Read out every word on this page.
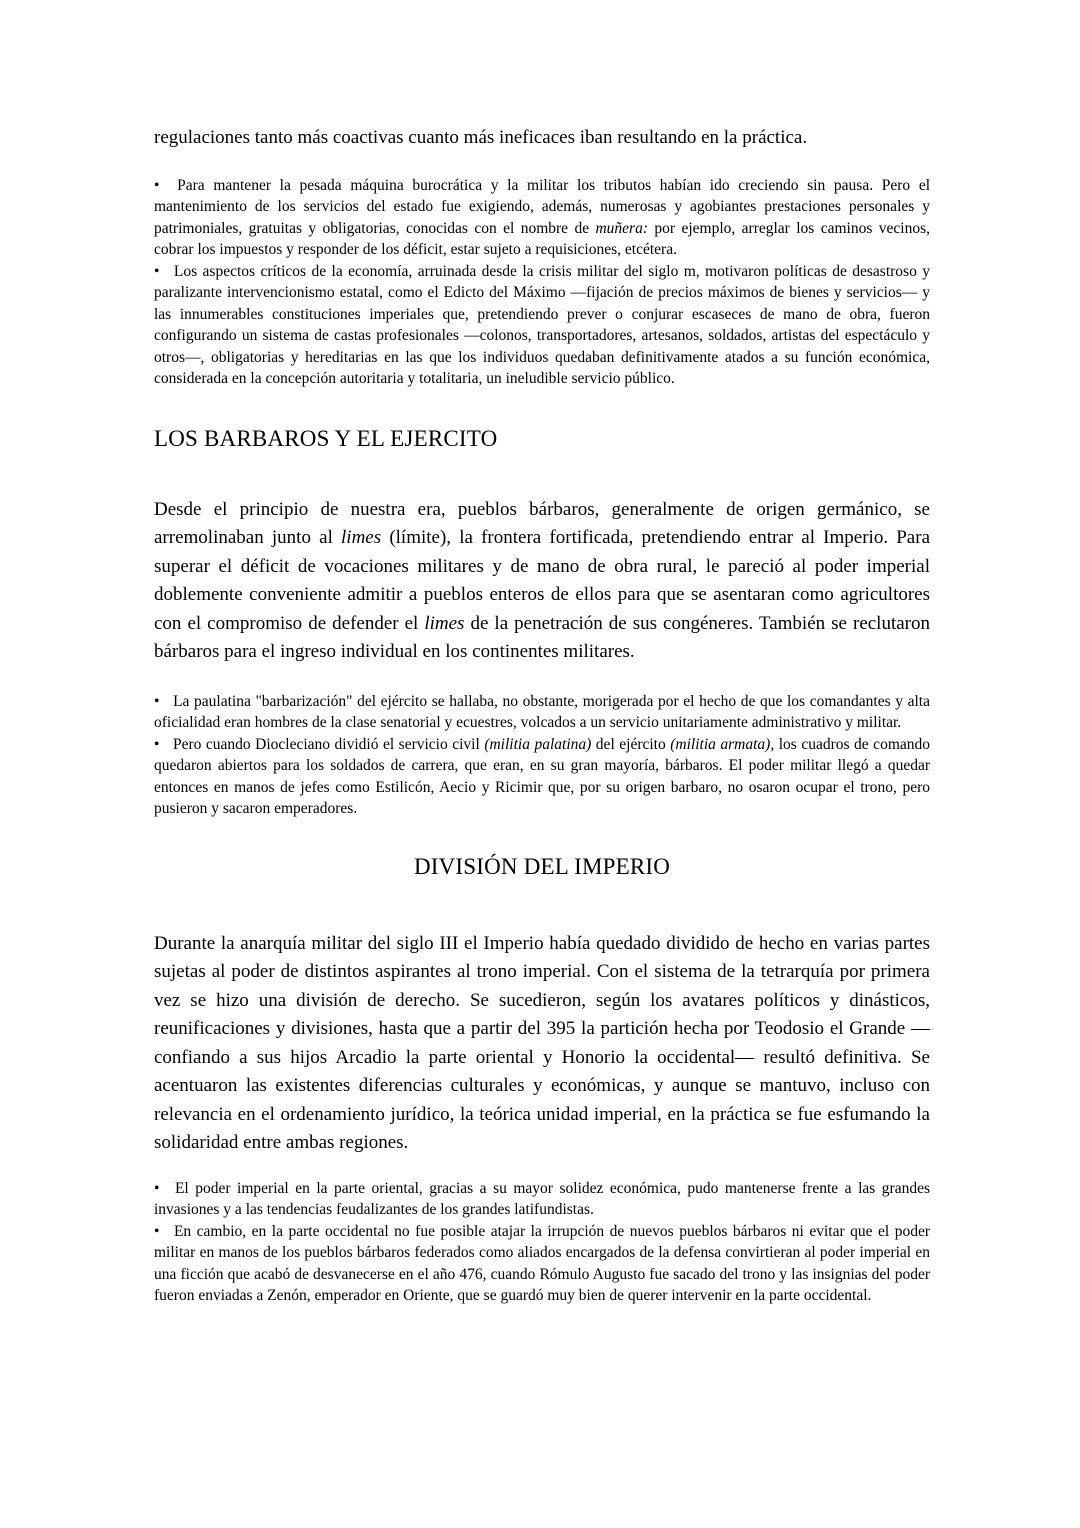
regulaciones tanto más coactivas cuanto más ineficaces iban resultando en la práctica.

• Para mantener la pesada máquina burocrática y la militar los tributos habían ido creciendo sin pausa. Pero el mantenimiento de los servicios del estado fue exigiendo, además, numerosas y agobiantes prestaciones personales y patrimoniales, gratuitas y obligatorias, conocidas con el nombre de muñera: por ejemplo, arreglar los caminos vecinos, cobrar los impuestos y responder de los déficit, estar sujeto a requisiciones, etcétera.

• Los aspectos críticos de la economía, arruinada desde la crisis militar del siglo m, motivaron políticas de desastroso y paralizante intervencionismo estatal, como el Edicto del Máximo —fijación de precios máximos de bienes y servicios— y las innumerables constituciones imperiales que, pretendiendo prever o conjurar escaseces de mano de obra, fueron configurando un sistema de castas profesionales —colonos, transportadores, artesanos, soldados, artistas del espectáculo y otros—, obligatorias y hereditarias en las que los individuos quedaban definitivamente atados a su función económica, considerada en la concepción autoritaria y totalitaria, un ineludible servicio público.

LOS BARBAROS Y EL EJERCITO

Desde el principio de nuestra era, pueblos bárbaros, generalmente de origen germánico, se arremolinaban junto al limes (límite), la frontera fortificada, pretendiendo entrar al Imperio. Para superar el déficit de vocaciones militares y de mano de obra rural, le pareció al poder imperial doblemente conveniente admitir a pueblos enteros de ellos para que se asentaran como agricultores con el compromiso de defender el limes de la penetración de sus congéneres. También se reclutaron bárbaros para el ingreso individual en los continentes militares.

• La paulatina "barbarización" del ejército se hallaba, no obstante, morigerada por el hecho de que los comandantes y alta oficialidad eran hombres de la clase senatorial y ecuestres, volcados a un servicio unitariamente administrativo y militar.

• Pero cuando Diocleciano dividió el servicio civil (militia palatina) del ejército (militia armata), los cuadros de comando quedaron abiertos para los soldados de carrera, que eran, en su gran mayoría, bárbaros. El poder militar llegó a quedar entonces en manos de jefes como Estilicón, Aecio y Ricimir que, por su origen barbaro, no osaron ocupar el trono, pero pusieron y sacaron emperadores.

DIVISIÓN DEL IMPERIO

Durante la anarquía militar del siglo III el Imperio había quedado dividido de hecho en varias partes sujetas al poder de distintos aspirantes al trono imperial. Con el sistema de la tetrarquía por primera vez se hizo una división de derecho. Se sucedieron, según los avatares políticos y dinásticos, reunificaciones y divisiones, hasta que a partir del 395 la partición hecha por Teodosio el Grande —confiando a sus hijos Arcadio la parte oriental y Honorio la occidental— resultó definitiva. Se acentuaron las existentes diferencias culturales y económicas, y aunque se mantuvo, incluso con relevancia en el ordenamiento jurídico, la teórica unidad imperial, en la práctica se fue esfumando la solidaridad entre ambas regiones.

• El poder imperial en la parte oriental, gracias a su mayor solidez económica, pudo mantenerse frente a las grandes invasiones y a las tendencias feudalizantes de los grandes latifundistas.

• En cambio, en la parte occidental no fue posible atajar la irrupción de nuevos pueblos bárbaros ni evitar que el poder militar en manos de los pueblos bárbaros federados como aliados encargados de la defensa convirtieran al poder imperial en una ficción que acabó de desvanecerse en el año 476, cuando Rómulo Augusto fue sacado del trono y las insignias del poder fueron enviadas a Zenón, emperador en Oriente, que se guardó muy bien de querer intervenir en la parte occidental.
